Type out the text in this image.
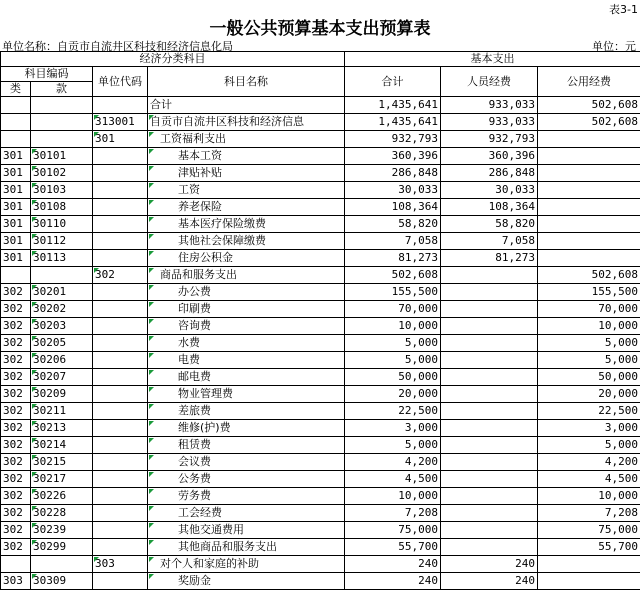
表3-1
一般公共预算基本支出预算表
单位名称：自贡市自流井区科技和经济信息化局	单位：元
经济分类科目				基本支出		
科目编码		单位代码	科目名称	合计	人员经费	公用经费
类	款					
			合计	1,435,641	933,033	502,608
		313001	自贡市自流井区科技和经济信息	1,435,641	933,033	502,608
		301	工资福利支出	932,793	932,793	
301	30101		基本工资	360,396	360,396	
301	30102		津贴补贴	286,848	286,848	
301	30103		工资	30,033	30,033	
301	30108		养老保险	108,364	108,364	
301	30110		基本医疗保险缴费	58,820	58,820	
301	30112		其他社会保障缴费	7,058	7,058	
301	30113		住房公积金	81,273	81,273	
		302	商品和服务支出	502,608		502,608
302	30201		办公费	155,500		155,500
302	30202		印刷费	70,000		70,000
302	30203		咨询费	10,000		10,000
302	30205		水费	5,000		5,000
302	30206		电费	5,000		5,000
302	30207		邮电费	50,000		50,000
302	30209		物业管理费	20,000		20,000
302	30211		差旅费	22,500		22,500
302	30213		维修(护)费	3,000		3,000
302	30214		租赁费	5,000		5,000
302	30215		会议费	4,200		4,200
302	30217		公务费	4,500		4,500
302	30226		劳务费	10,000		10,000
302	30228		工会经费	7,208		7,208
302	30239		其他交通费用	75,000		75,000
302	30299		其他商品和服务支出	55,700		55,700
		303	对个人和家庭的补助	240	240	
303	30309		奖励金	240	240	
